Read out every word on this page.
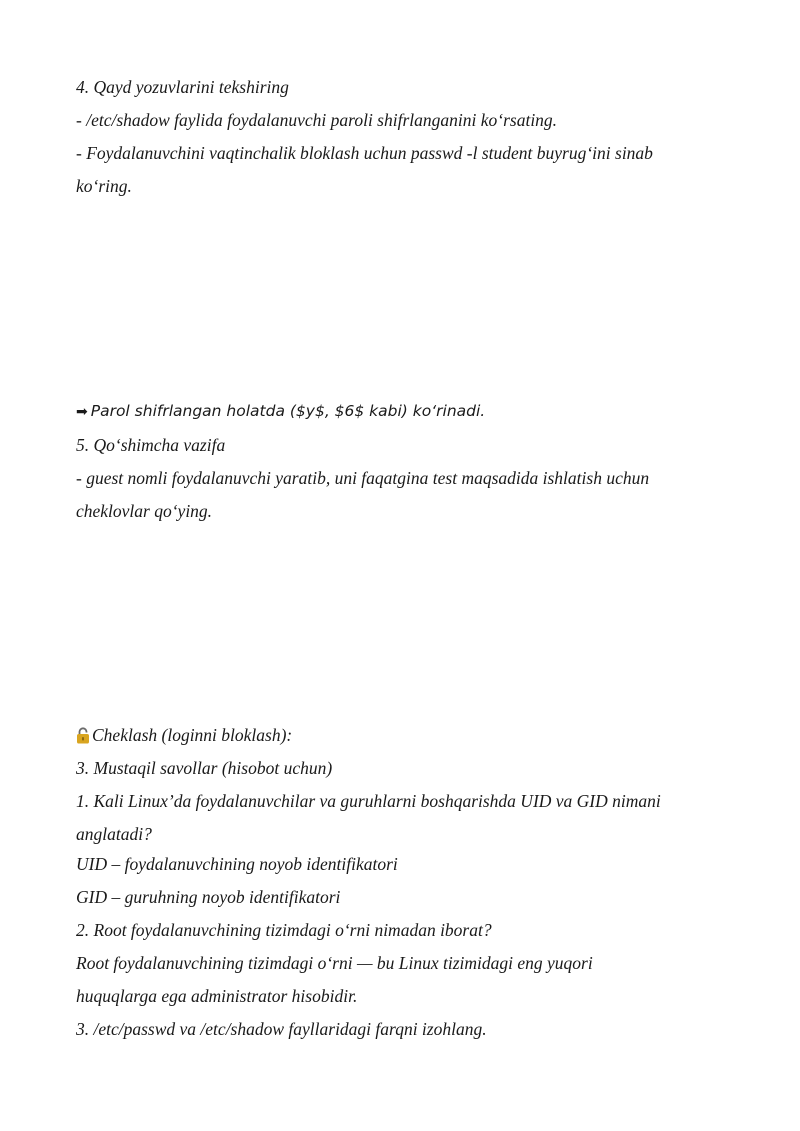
4. Qayd yozuvlarini tekshiring
- /etc/shadow faylida foydalanuvchi paroli shifrlanganini ko‘rsating.
- Foydalanuvchini vaqtinchalik bloklash uchun passwd -l student buyrug‘ini sinab
ko‘ring.
➡ Parol shifrlangan holatda ($y$, $6$ kabi) ko‘rinadi.
5. Qo‘shimcha vazifa
- guest nomli foydalanuvchi yaratib, uni faqatgina test maqsadida ishlatish uchun
cheklovlar qo‘ying.
Cheklash (loginni bloklash):
3. Mustaqil savollar (hisobot uchun)
1. Kali Linux’da foydalanuvchilar va guruhlarni boshqarishda UID va GID nimani
anglatadi?
UID – foydalanuvchining noyob identifikatori
GID – guruhning noyob identifikatori
2. Root foydalanuvchining tizimdagi o‘rni nimadan iborat?
Root foydalanuvchining tizimdagi o‘rni — bu Linux tizimidagi eng yuqori
huquqlarga ega administrator hisobidir.
3. /etc/passwd va /etc/shadow fayllaridagi farqni izohlang.
